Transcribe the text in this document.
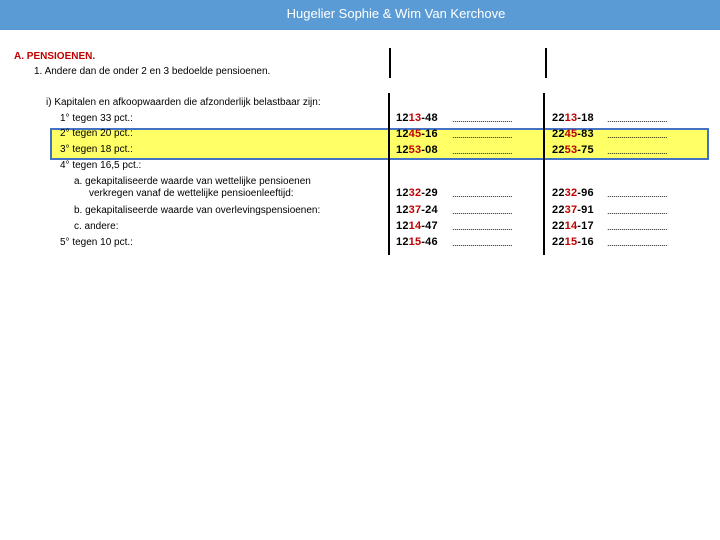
Hugelier Sophie & Wim Van Kerchove
A. PENSIOENEN.
1. Andere dan de onder 2 en 3 bedoelde pensioenen.
i) Kapitalen en afkoopwaarden die afzonderlijk belastbaar zijn:
1° tegen 33 pct.:	1213-48 ..............................	2213-18 ..............................
2° tegen 20 pct.:	1245-16 ..............................	2245-83 ..............................
3° tegen 18 pct.:	1253-08 ..............................	2253-75 ..............................
4° tegen 16,5 pct.:
a. gekapitaliseerde waarde van wettelijke pensioenen
verkregen vanaf de wettelijke pensioenleeftijd:	1232-29 ..............................	2232-96 ..............................
b. gekapitaliseerde waarde van overlevingspensioenen:	1237-24 ..............................	2237-91 ..............................
c. andere:	1214-47 ..............................	2214-17 ..............................
5° tegen 10 pct.:	1215-46 ..............................	2215-16 ..............................
